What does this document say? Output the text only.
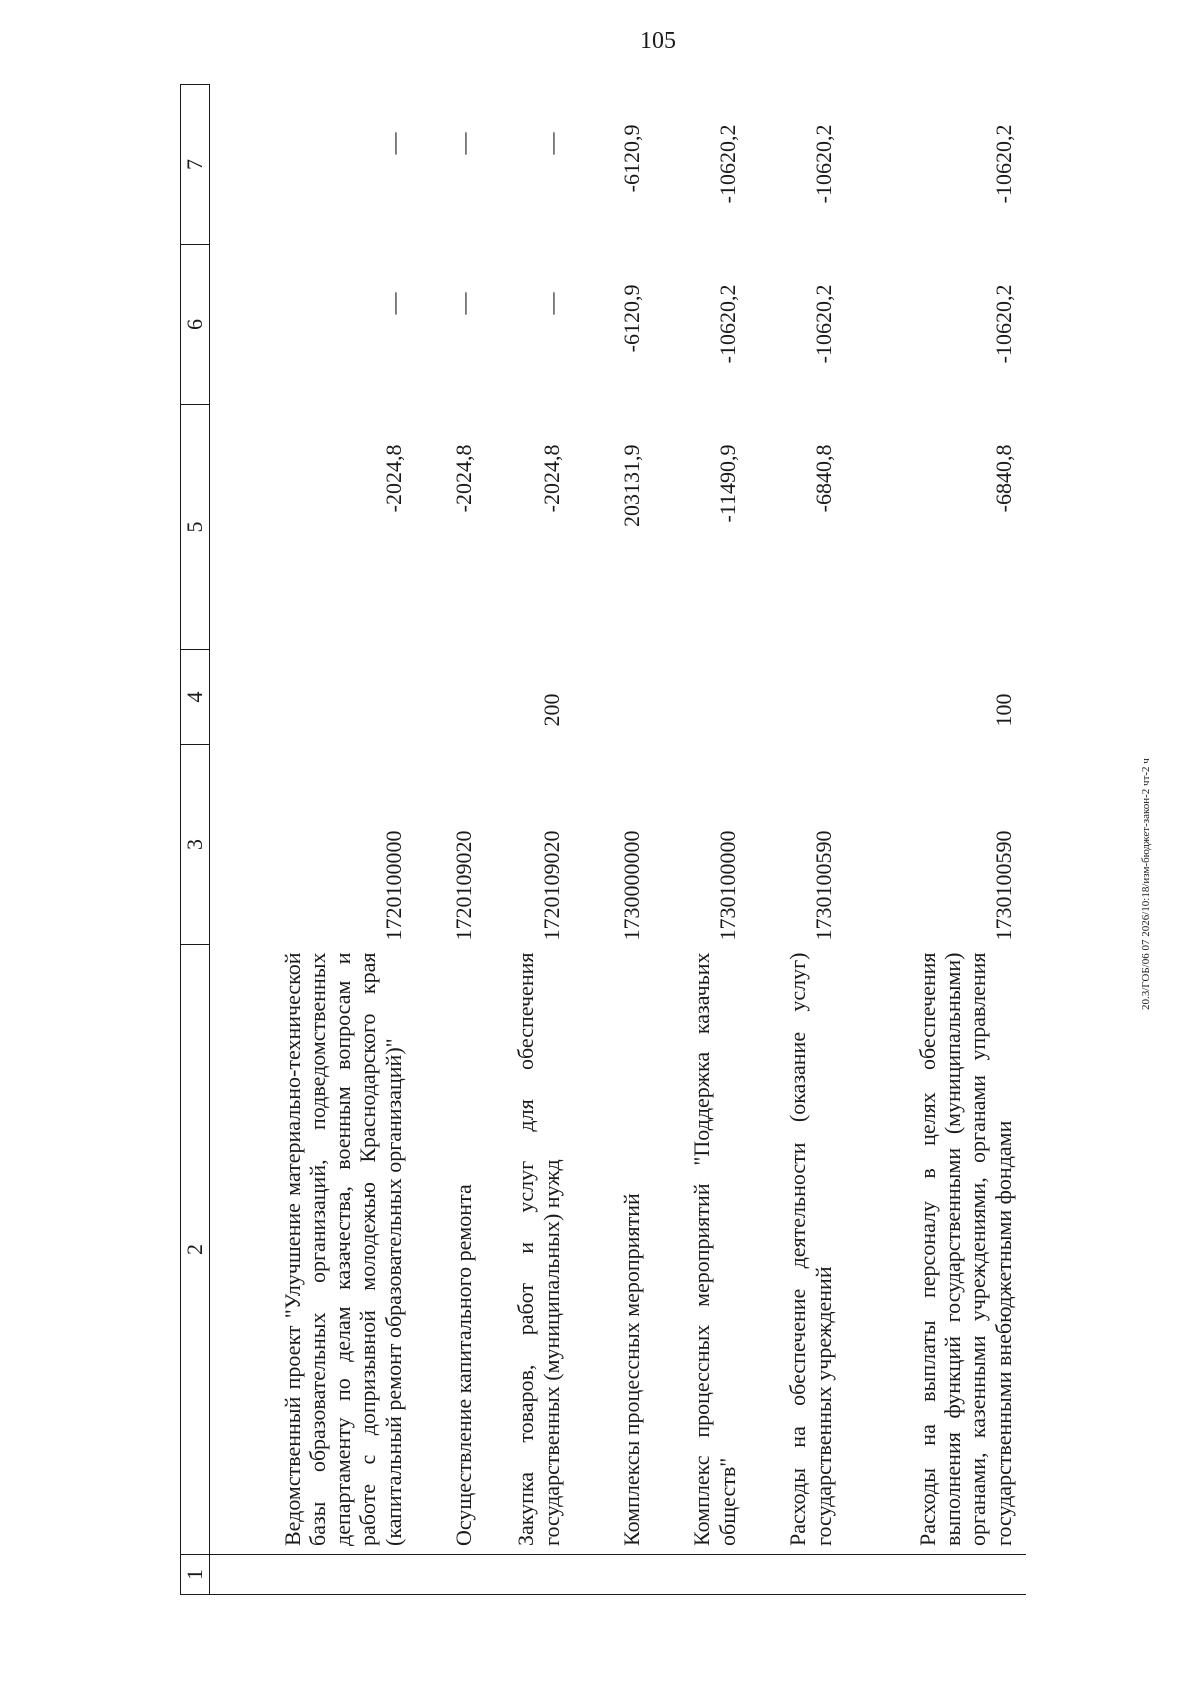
105
20.3/ГОБ/06 07 2026/10:18/изм-бюджет-закон-2 чт-2 ч
1	2	3	4	5	6	7
	Ведомственный проект "Улучшение материально-технической базы образовательных организаций, подведомственных департаменту по делам казачества, военным вопросам и работе с допризывной молодежью Краснодарского края (капитальный ремонт образовательных организаций)"	1720100000		-2024,8	—	—
	Осуществление капитального ремонта	1720109020		-2024,8	—	—
	Закупка товаров, работ и услуг для обеспечения государственных (муниципальных) нужд	1720109020	200	-2024,8	—	—
	Комплексы процессных мероприятий	1730000000		203131,9	-6120,9	-6120,9
	Комплекс процессных мероприятий "Поддержка казачьих обществ"	1730100000		-11490,9	-10620,2	-10620,2
	Расходы на обеспечение деятельности (оказание услуг) государственных учреждений	1730100590		-6840,8	-10620,2	-10620,2
	Расходы на выплаты персоналу в целях обеспечения выполнения функций государственными (муниципальными) органами, казенными учреждениями, органами управления государственными внебюджетными фондами	1730100590	100	-6840,8	-10620,2	-10620,2
